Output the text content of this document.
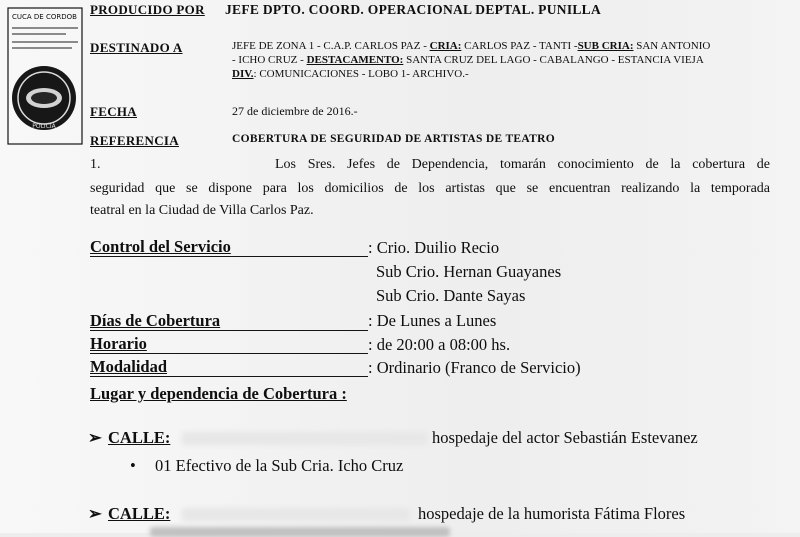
CUCA DE CORDOB
POLICIA
PRODUCIDO POR JEFE DPTO. COORD. OPERACIONAL DEPTAL. PUNILLA
DESTINADO A	JEFE DE ZONA 1 - C.A.P. CARLOS PAZ - CRIA: CARLOS PAZ - TANTI -SUB CRIA: SAN ANTONIO
- ICHO CRUZ - DESTACAMENTO: SANTA CRUZ DEL LAGO - CABALANGO - ESTANCIA VIEJA
DIV.: COMUNICACIONES - LOBO 1- ARCHIVO.-
FECHA	27 de diciembre de 2016.-
REFERENCIA	COBERTURA DE SEGURIDAD DE ARTISTAS DE TEATRO
1.	Los Sres. Jefes de Dependencia, tomarán conocimiento de la cobertura de
seguridad que se dispone para los domicilios de los artistas que se encuentran realizando la temporada
teatral en la Ciudad de Villa Carlos Paz.
Control del Servicio	: Crio. Duilio Recio
Sub Crio. Hernan Guayanes
Sub Crio. Dante Sayas
Días de Cobertura	: De Lunes a Lunes
Horario	: de 20:00 a 08:00 hs.
Modalidad	: Ordinario (Franco de Servicio)
Lugar y dependencia de Cobertura :
➢ CALLE:	hospedaje del actor Sebastián Estevanez
• 01 Efectivo de la Sub Cria. Icho Cruz
➢ CALLE:	hospedaje de la humorista Fátima Flores
